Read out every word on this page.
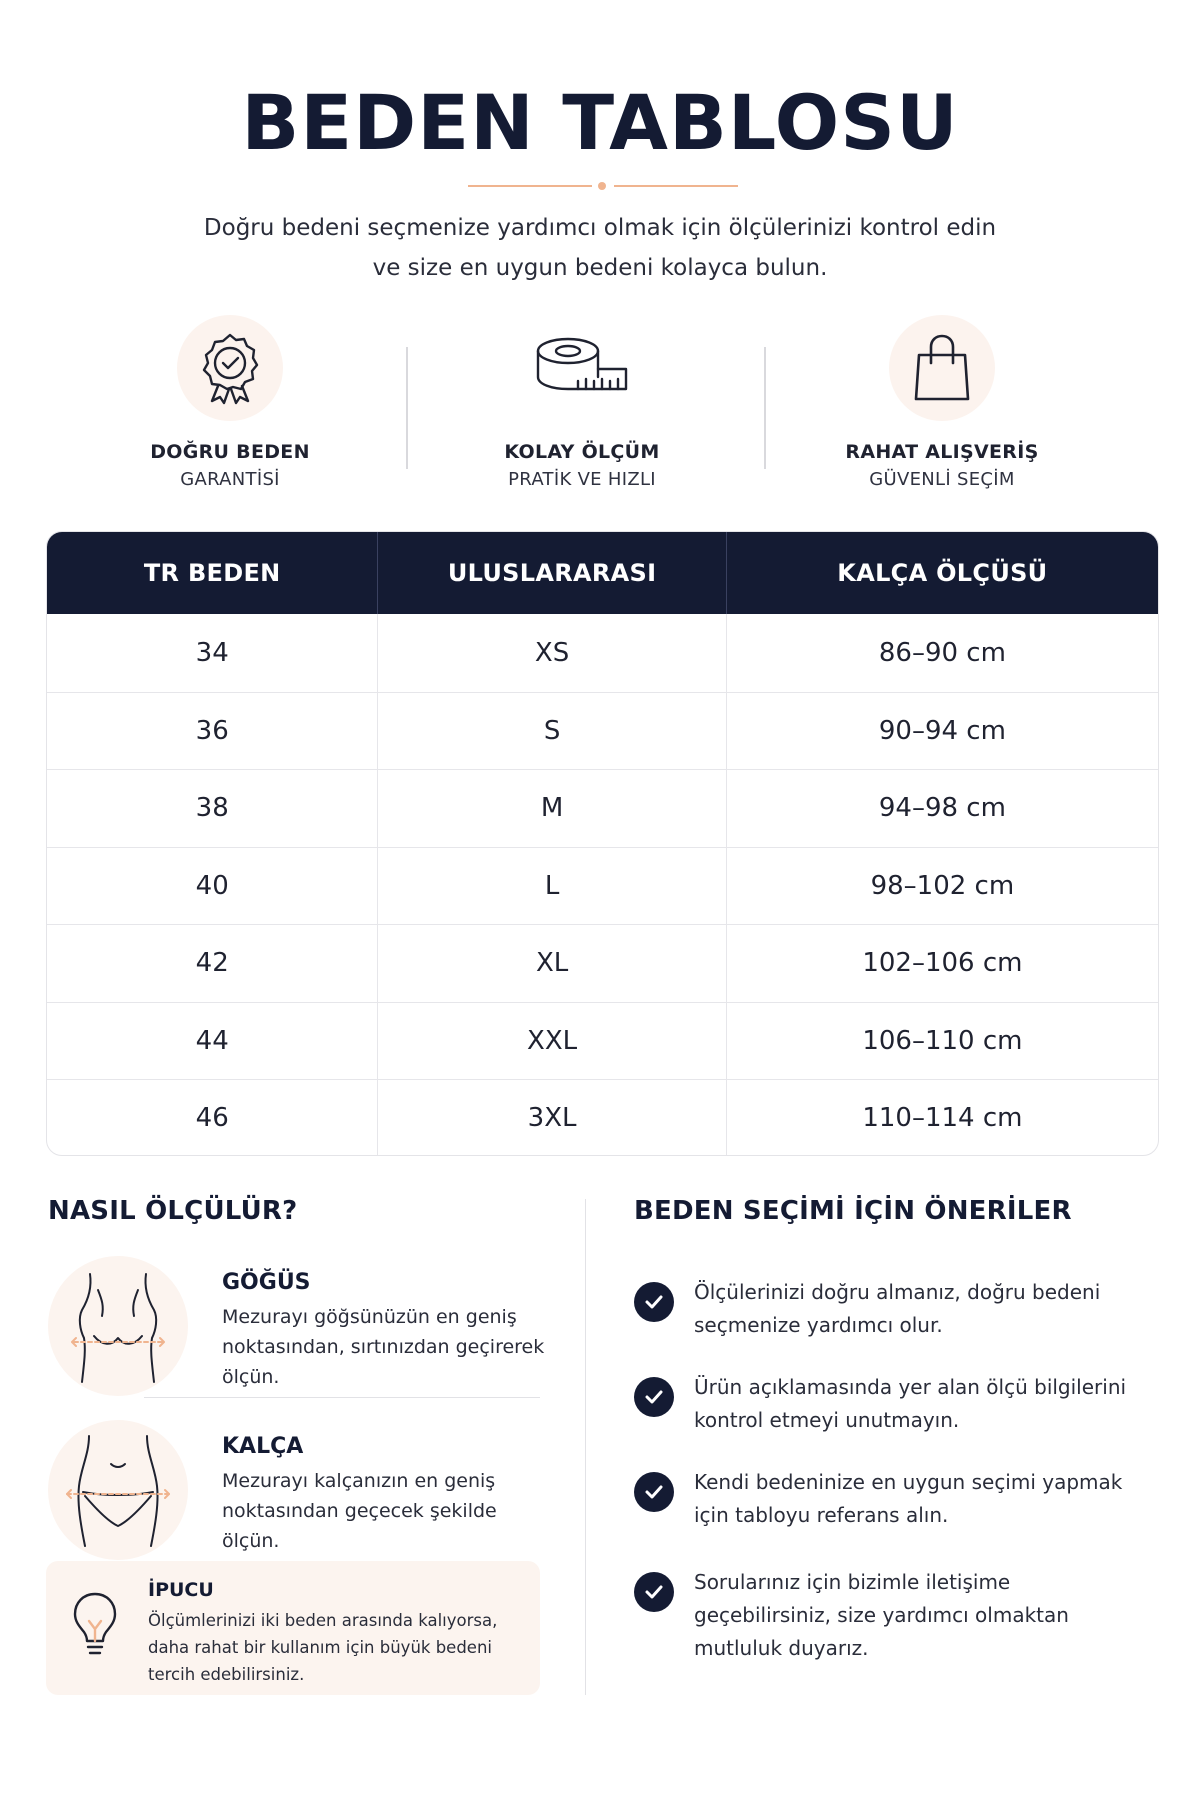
BEDEN TABLOSU
Doğru bedeni seçmenize yardımcı olmak için ölçülerinizi kontrol edin
ve size en uygun bedeni kolayca bulun.
DOĞRU BEDEN
GARANTİSİ
KOLAY ÖLÇÜM
PRATİK VE HIZLI
RAHAT ALIŞVERİŞ
GÜVENLİ SEÇİM
TR BEDEN	ULUSLARARASI	KALÇA ÖLÇÜSÜ
34	XS	86–90 cm
36	S	90–94 cm
38	M	94–98 cm
40	L	98–102 cm
42	XL	102–106 cm
44	XXL	106–110 cm
46	3XL	110–114 cm
NASIL ÖLÇÜLÜR?
GÖĞÜS
Mezurayı göğsünüzün en geniş
noktasından, sırtınızdan geçirerek
ölçün.
KALÇA
Mezurayı kalçanızın en geniş
noktasından geçecek şekilde
ölçün.
İPUCU
Ölçümlerinizi iki beden arasında kalıyorsa,
daha rahat bir kullanım için büyük bedeni
tercih edebilirsiniz.
BEDEN SEÇİMİ İÇİN ÖNERİLER
Ölçülerinizi doğru almanız, doğru bedeni
seçmenize yardımcı olur.
Ürün açıklamasında yer alan ölçü bilgilerini
kontrol etmeyi unutmayın.
Kendi bedeninize en uygun seçimi yapmak
için tabloyu referans alın.
Sorularınız için bizimle iletişime
geçebilirsiniz, size yardımcı olmaktan
mutluluk duyarız.
